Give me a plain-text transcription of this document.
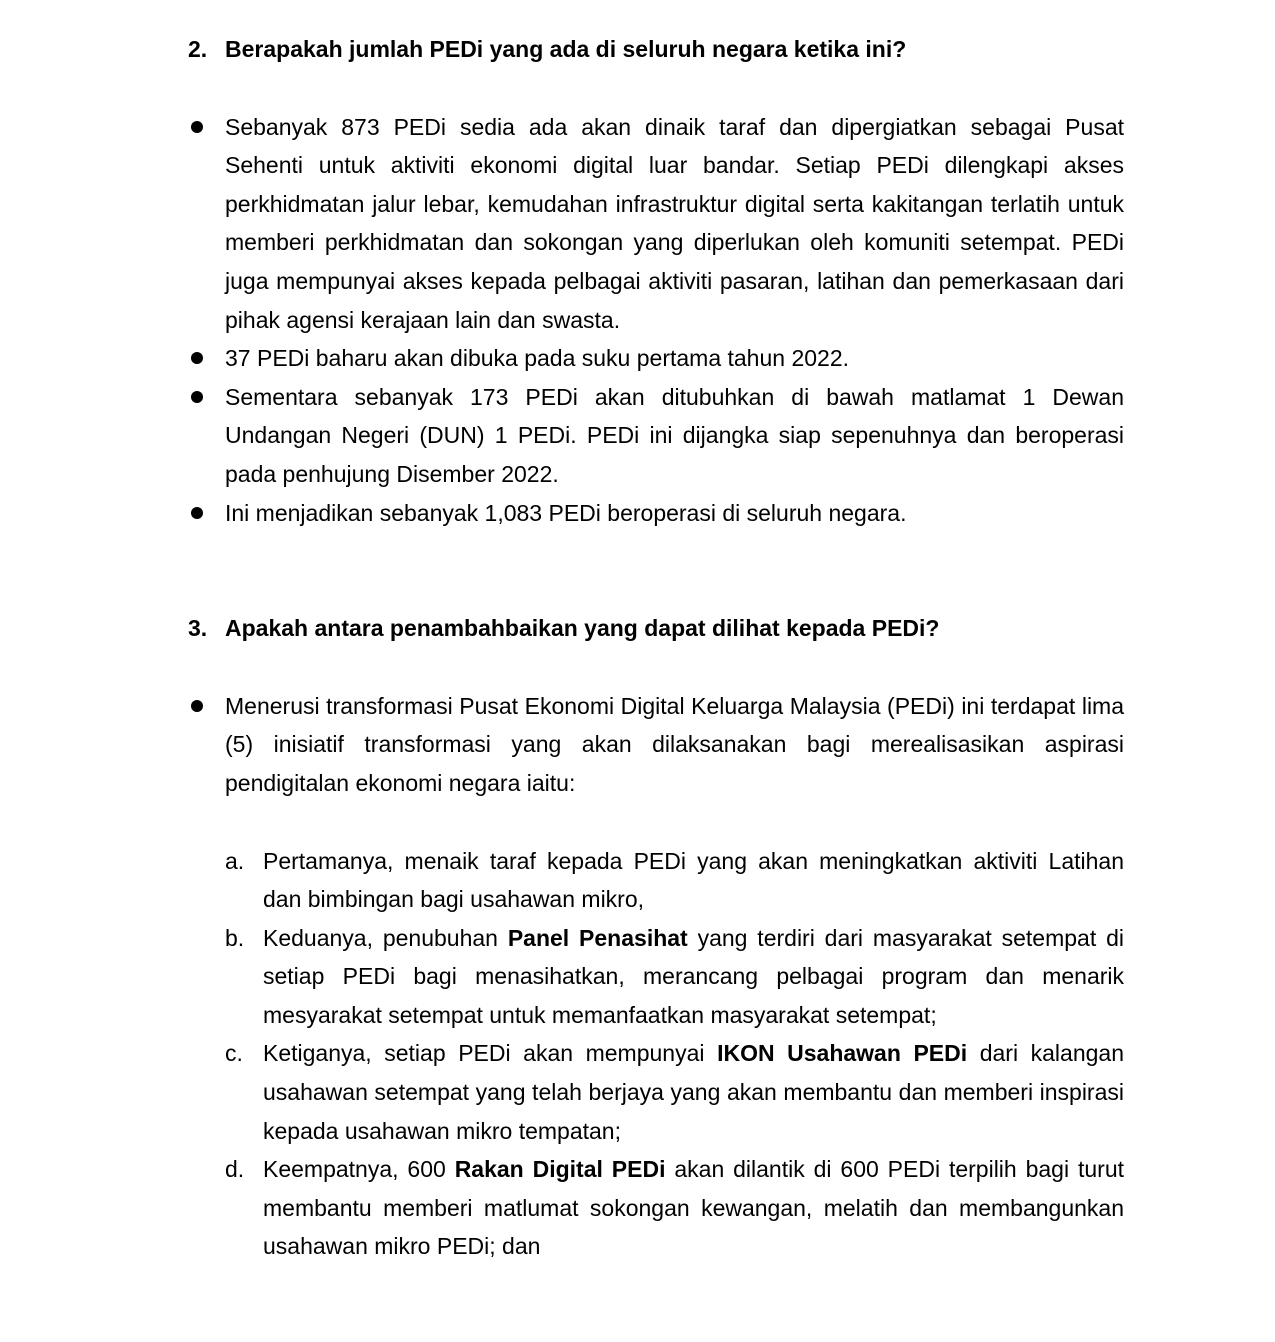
2. Berapakah jumlah PEDi yang ada di seluruh negara ketika ini?
Sebanyak 873 PEDi sedia ada akan dinaik taraf dan dipergiatkan sebagai Pusat Sehenti untuk aktiviti ekonomi digital luar bandar. Setiap PEDi dilengkapi akses perkhidmatan jalur lebar, kemudahan infrastruktur digital serta kakitangan terlatih untuk memberi perkhidmatan dan sokongan yang diperlukan oleh komuniti setempat. PEDi juga mempunyai akses kepada pelbagai aktiviti pasaran, latihan dan pemerkasaan dari pihak agensi kerajaan lain dan swasta.
37 PEDi baharu akan dibuka pada suku pertama tahun 2022.
Sementara sebanyak 173 PEDi akan ditubuhkan di bawah matlamat 1 Dewan Undangan Negeri (DUN) 1 PEDi. PEDi ini dijangka siap sepenuhnya dan beroperasi pada penhujung Disember 2022.
Ini menjadikan sebanyak 1,083 PEDi beroperasi di seluruh negara.
3. Apakah antara penambahbaikan yang dapat dilihat kepada PEDi?
Menerusi transformasi Pusat Ekonomi Digital Keluarga Malaysia (PEDi) ini terdapat lima (5) inisiatif transformasi yang akan dilaksanakan bagi merealisasikan aspirasi pendigitalan ekonomi negara iaitu:
a. Pertamanya, menaik taraf kepada PEDi yang akan meningkatkan aktiviti Latihan dan bimbingan bagi usahawan mikro,
b. Keduanya, penubuhan Panel Penasihat yang terdiri dari masyarakat setempat di setiap PEDi bagi menasihatkan, merancang pelbagai program dan menarik mesyarakat setempat untuk memanfaatkan masyarakat setempat;
c. Ketiganya, setiap PEDi akan mempunyai IKON Usahawan PEDi dari kalangan usahawan setempat yang telah berjaya yang akan membantu dan memberi inspirasi kepada usahawan mikro tempatan;
d. Keempatnya, 600 Rakan Digital PEDi akan dilantik di 600 PEDi terpilih bagi turut membantu memberi matlumat sokongan kewangan, melatih dan membangunkan usahawan mikro PEDi; dan
